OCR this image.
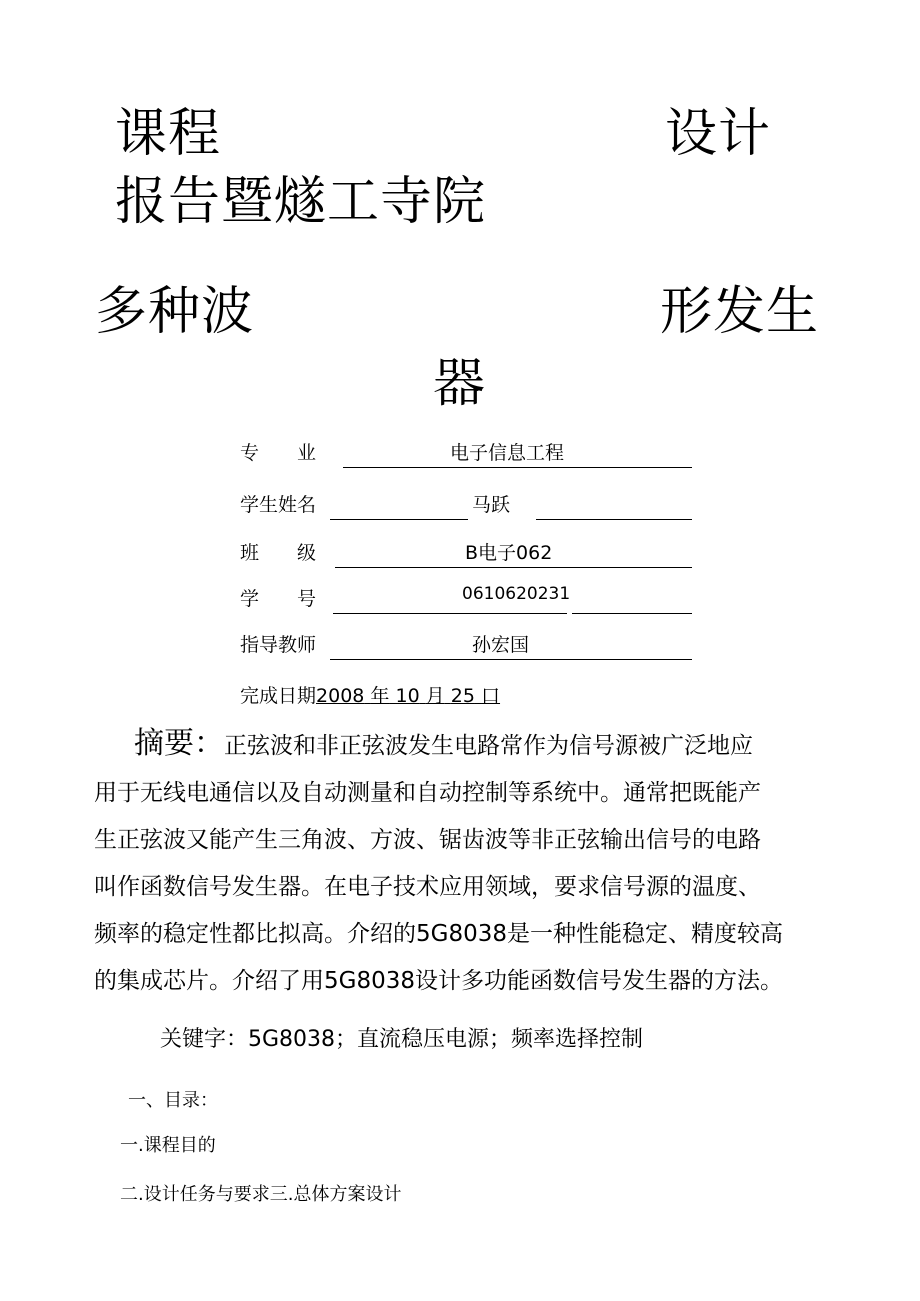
课程	设计
报告暨燧工寺院
多种波	形发生
器
专　　业	电子信息工程
学生姓名	马跃
班　　级	B电子062
学　　号	0610620231
指导教师	孙宏国
完成日期2008 年 10 月 25 口
摘要：正弦波和非正弦波发生电路常作为信号源被广泛地应
用于无线电通信以及自动测量和自动控制等系统中。通常把既能产
生正弦波又能产生三角波、方波、锯齿波等非正弦输出信号的电路
叫作函数信号发生器。在电子技术应用领域，要求信号源的温度、
频率的稳定性都比拟高。介绍的5G8038是一种性能稳定、精度较高
的集成芯片。介绍了用5G8038设计多功能函数信号发生器的方法。
关键字：5G8038；直流稳压电源；频率选择控制
一、目录：
一.课程目的
二.设计任务与要求三.总体方案设计
